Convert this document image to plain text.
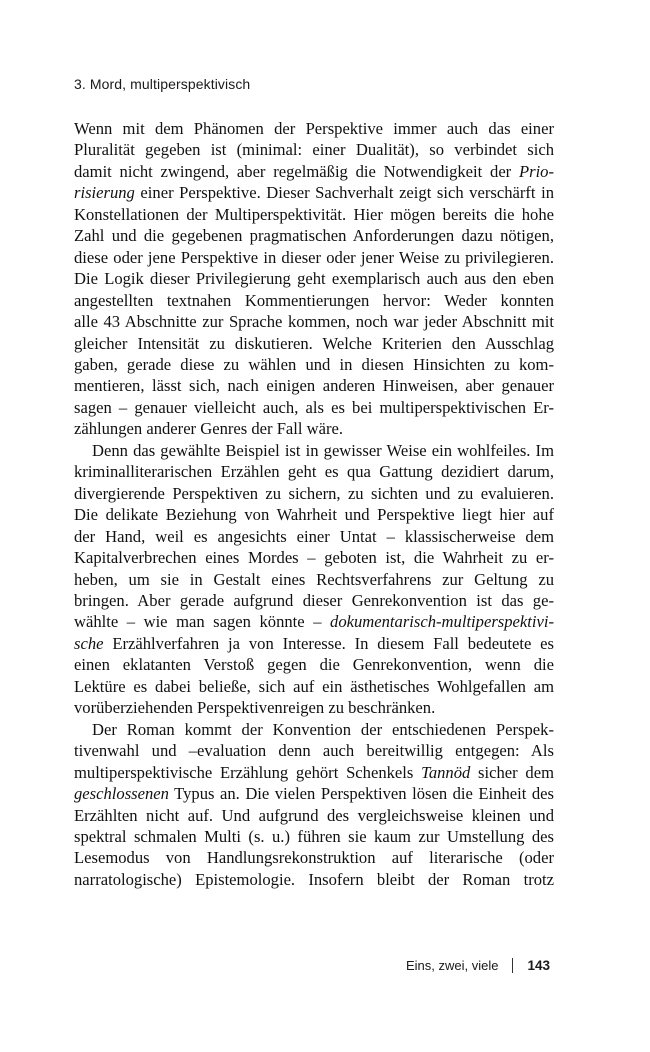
3. Mord, multiperspektivisch
Wenn mit dem Phänomen der Perspektive immer auch das einer
Pluralität gegeben ist (minimal: einer Dualität), so verbindet sich
damit nicht zwingend, aber regelmäßig die Notwendigkeit der Prio-
risierung einer Perspektive. Dieser Sachverhalt zeigt sich verschärft in
Konstellationen der Multiperspektivität. Hier mögen bereits die hohe
Zahl und die gegebenen pragmatischen Anforderungen dazu nötigen,
diese oder jene Perspektive in dieser oder jener Weise zu privilegieren.
Die Logik dieser Privilegierung geht exemplarisch auch aus den eben
angestellten textnahen Kommentierungen hervor: Weder konnten
alle 43 Abschnitte zur Sprache kommen, noch war jeder Abschnitt mit
gleicher Intensität zu diskutieren. Welche Kriterien den Ausschlag
gaben, gerade diese zu wählen und in diesen Hinsichten zu kom-
mentieren, lässt sich, nach einigen anderen Hinweisen, aber genauer
sagen – genauer vielleicht auch, als es bei multiperspektivischen Er-
zählungen anderer Genres der Fall wäre.
Denn das gewählte Beispiel ist in gewisser Weise ein wohlfeiles. Im
kriminalliterarischen Erzählen geht es qua Gattung dezidiert darum,
divergierende Perspektiven zu sichern, zu sichten und zu evaluieren.
Die delikate Beziehung von Wahrheit und Perspektive liegt hier auf
der Hand, weil es angesichts einer Untat – klassischerweise dem
Kapitalverbrechen eines Mordes – geboten ist, die Wahrheit zu er-
heben, um sie in Gestalt eines Rechtsverfahrens zur Geltung zu
bringen. Aber gerade aufgrund dieser Genrekonvention ist das ge-
wählte – wie man sagen könnte – dokumentarisch-multiperspektivi-
sche Erzählverfahren ja von Interesse. In diesem Fall bedeutete es
einen eklatanten Verstoß gegen die Genrekonvention, wenn die
Lektüre es dabei beließe, sich auf ein ästhetisches Wohlgefallen am
vorüberziehenden Perspektivenreigen zu beschränken.
Der Roman kommt der Konvention der entschiedenen Perspek-
tivenwahl und –evaluation denn auch bereitwillig entgegen: Als
multiperspektivische Erzählung gehört Schenkels Tannöd sicher dem
geschlossenen Typus an. Die vielen Perspektiven lösen die Einheit des
Erzählten nicht auf. Und aufgrund des vergleichsweise kleinen und
spektral schmalen Multi (s. u.) führen sie kaum zur Umstellung des
Lesemodus von Handlungsrekonstruktion auf literarische (oder
narratologische) Epistemologie. Insofern bleibt der Roman trotz
Eins, zwei, viele 143
